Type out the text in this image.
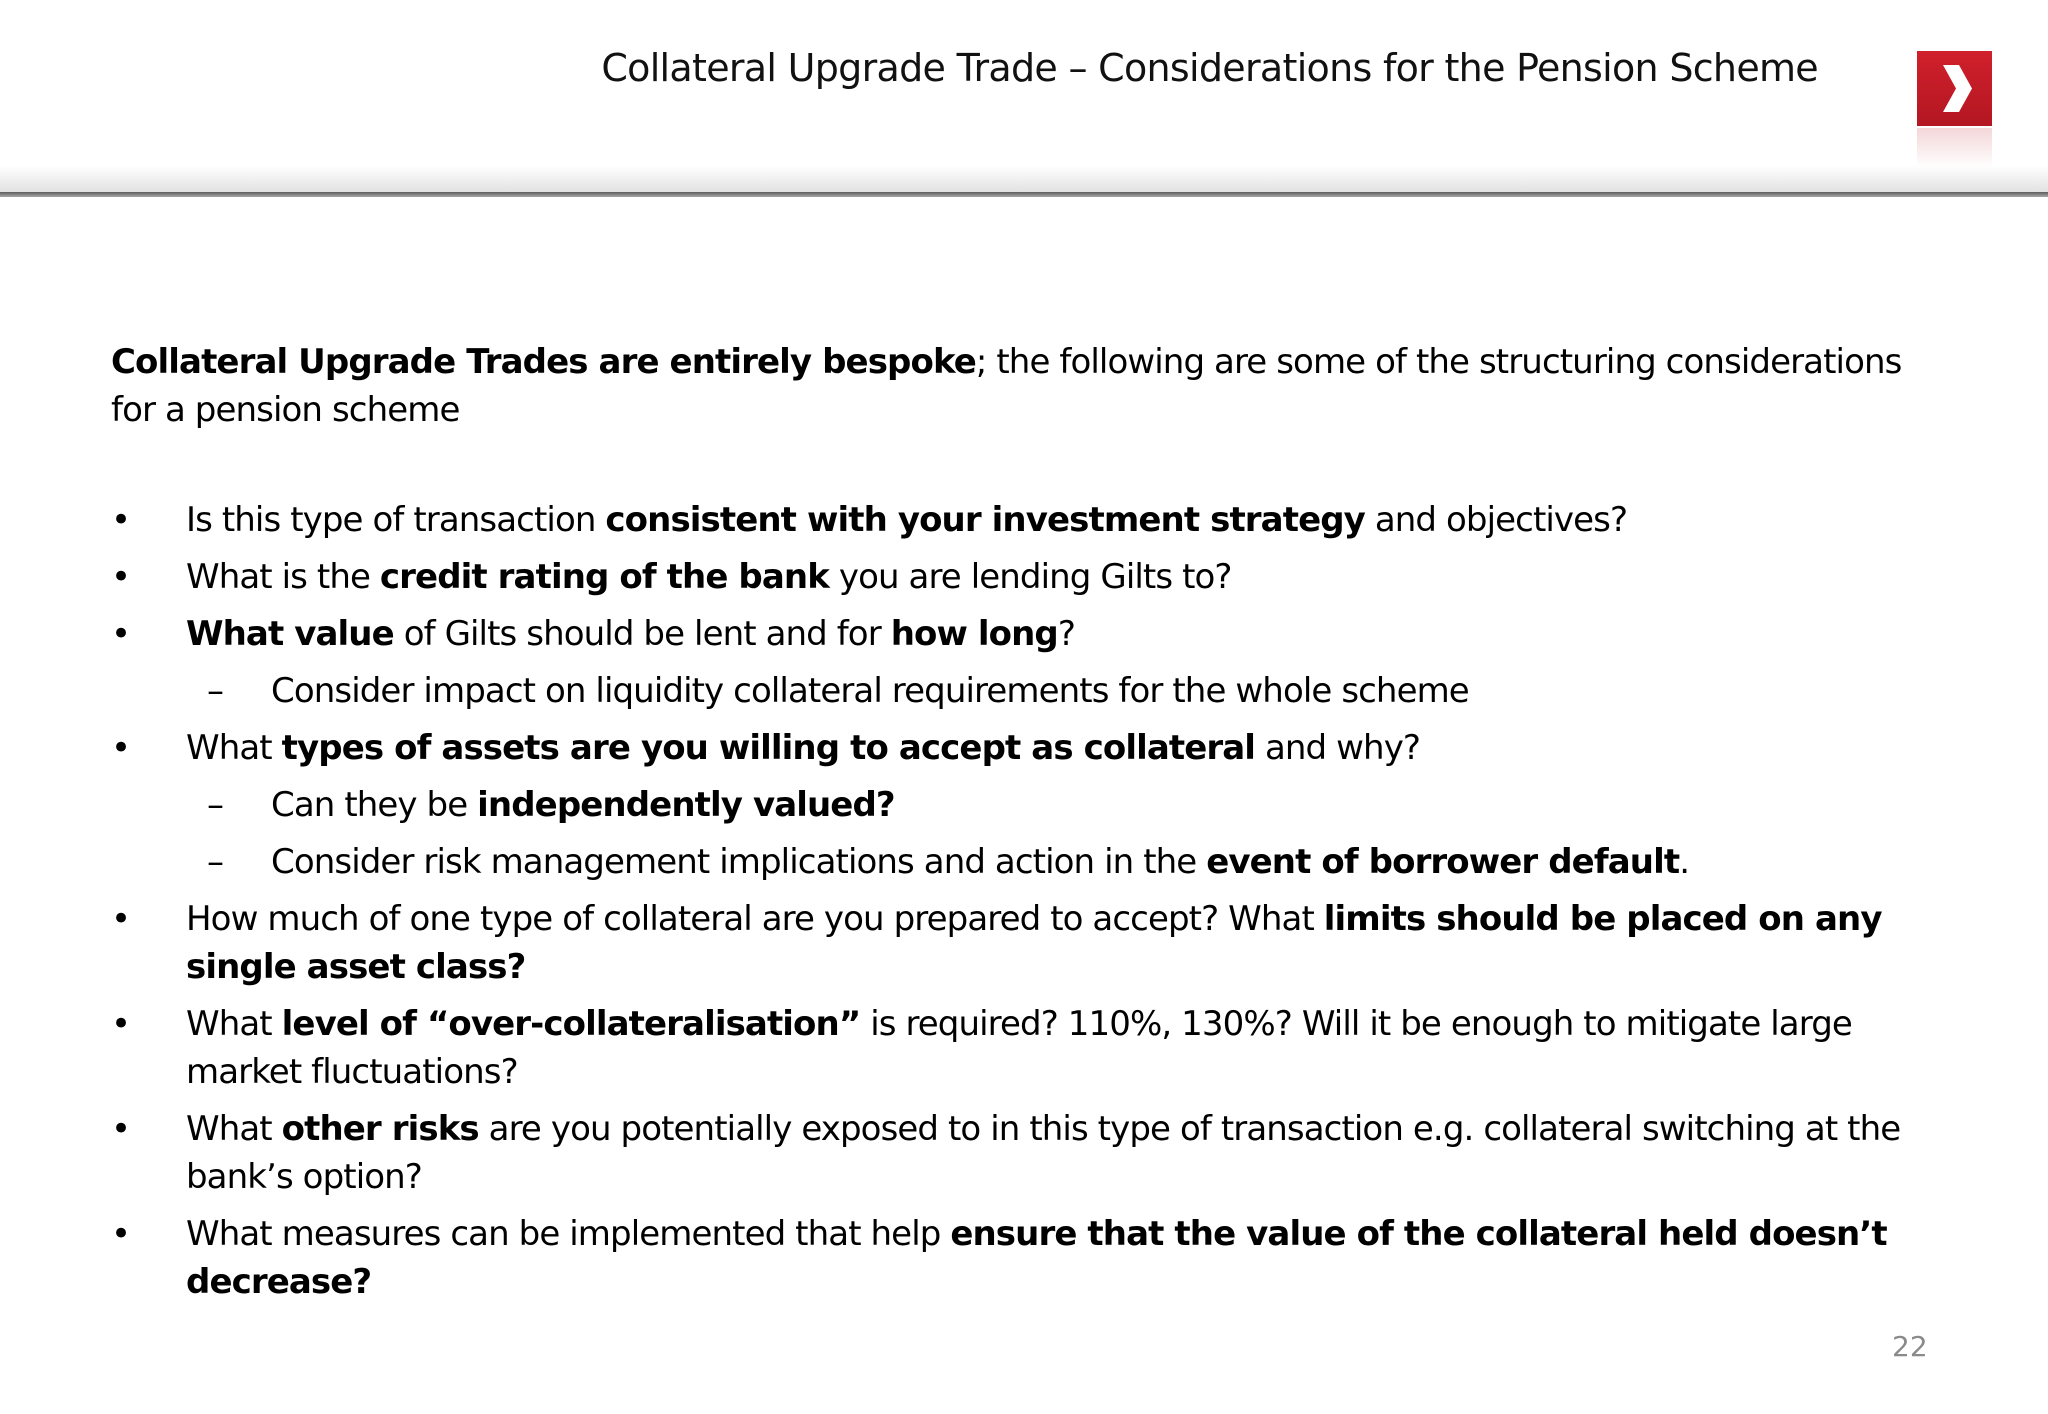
Collateral Upgrade Trade – Considerations for the Pension Scheme

Collateral Upgrade Trades are entirely bespoke; the following are some of the structuring considerations for a pension scheme

• Is this type of transaction consistent with your investment strategy and objectives?
• What is the credit rating of the bank you are lending Gilts to?
• What value of Gilts should be lent and for how long?
– Consider impact on liquidity collateral requirements for the whole scheme
• What types of assets are you willing to accept as collateral and why?
– Can they be independently valued?
– Consider risk management implications and action in the event of borrower default.
• How much of one type of collateral are you prepared to accept? What limits should be placed on any single asset class?
• What level of “over-collateralisation” is required? 110%, 130%? Will it be enough to mitigate large market fluctuations?
• What other risks are you potentially exposed to in this type of transaction e.g. collateral switching at the bank’s option?
• What measures can be implemented that help ensure that the value of the collateral held doesn’t decrease?
22
